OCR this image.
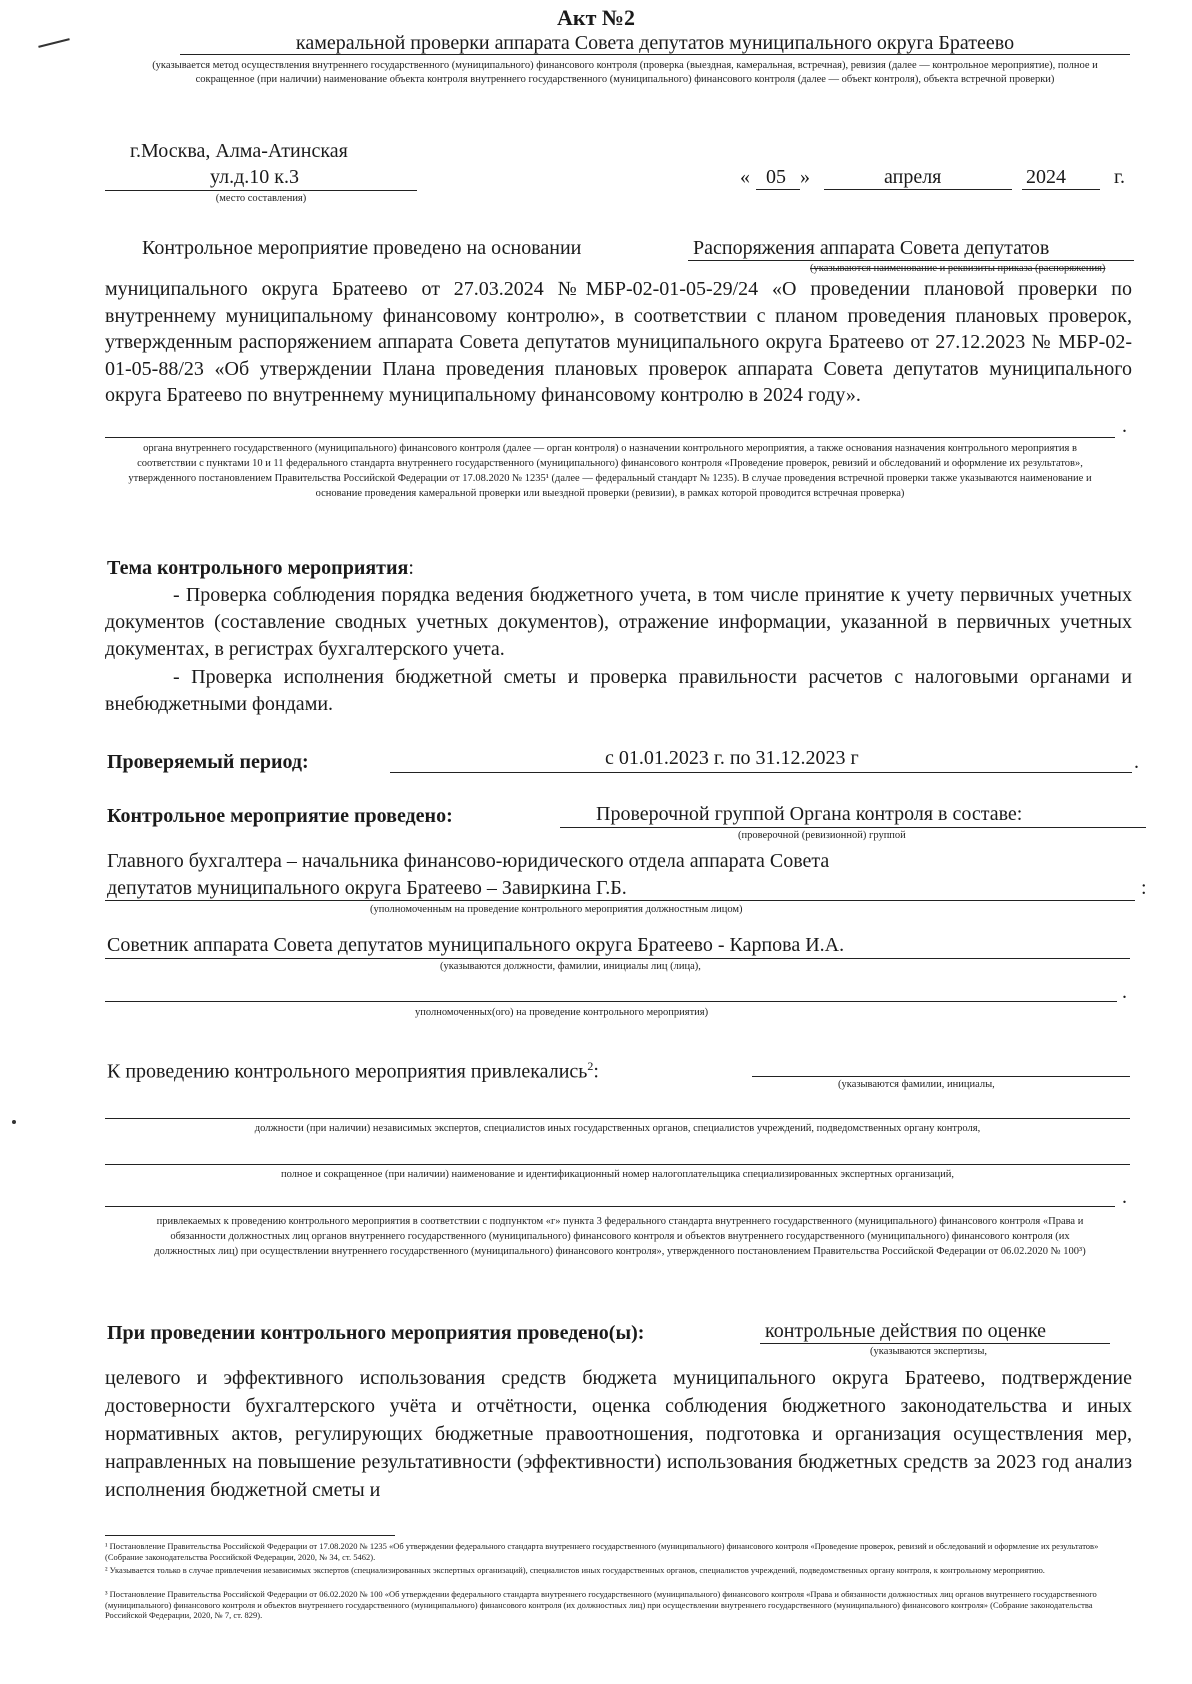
Акт №2
камеральной проверки аппарата Совета депутатов муниципального округа Братеево
(указывается метод осуществления внутреннего государственного (муниципального) финансового контроля (проверка (выездная, камеральная, встречная), ревизия (далее — контрольное мероприятие), полное и сокращенное (при наличии) наименование объекта контроля внутреннего государственного (муниципального) финансового контроля (далее — объект контроля), объекта встречной проверки)
г.Москва, Алма-Атинская
ул.д.10 к.3
(место составления)
« 05 »	апреля	2024 г.
Контрольное мероприятие проведено на основании	Распоряжения аппарата Совета депутатов
(указываются наименование и реквизиты приказа (распоряжения)
муниципального округа Братеево от 27.03.2024 №МБР-02-01-05-29/24 «О проведении плановой проверки по внутреннему муниципальному финансовому контролю», в соответствии с планом проведения плановых проверок, утвержденным распоряжением аппарата Совета депутатов муниципального округа Братеево от 27.12.2023 № МБР-02-01-05-88/23 «Об утверждении Плана проведения плановых проверок аппарата Совета депутатов муниципального округа Братеево по внутреннему муниципальному финансовому контролю в 2024 году».
.
органа внутреннего государственного (муниципального) финансового контроля (далее — орган контроля) о назначении контрольного мероприятия, а также основания назначения контрольного мероприятия в соответствии с пунктами 10 и 11 федерального стандарта внутреннего государственного (муниципального) финансового контроля «Проведение проверок, ревизий и обследований и оформление их результатов», утвержденного постановлением Правительства Российской Федерации от 17.08.2020 № 1235¹ (далее — федеральный стандарт № 1235). В случае проведения встречной проверки также указываются наименование и основание проведения камеральной проверки или выездной проверки (ревизии), в рамках которой проводится встречная проверка)
Тема контрольного мероприятия:
- Проверка соблюдения порядка ведения бюджетного учета, в том числе принятие к учету первичных учетных документов (составление сводных учетных документов), отражение информации, указанной в первичных учетных документах, в регистрах бухгалтерского учета.
- Проверка исполнения бюджетной сметы и проверка правильности расчетов с налоговыми органами и внебюджетными фондами.
Проверяемый период:	с 01.01.2023 г. по 31.12.2023 г	.
Контрольное мероприятие проведено:	Проверочной группой Органа контроля в составе:
(проверочной (ревизионной) группой
Главного бухгалтера – начальника финансово-юридического отдела аппарата Совета
депутатов муниципального округа Братеево – Завиркина Г.Б.	:
(уполномоченным на проведение контрольного мероприятия должностным лицом)
Советник аппарата Совета депутатов муниципального округа Братеево - Карпова И.А.
(указываются должности, фамилии, инициалы лиц (лица),
.
уполномоченных(ого) на проведение контрольного мероприятия)
К проведению контрольного мероприятия привлекались$^2$:
(указываются фамилии, инициалы,
должности (при наличии) независимых экспертов, специалистов иных государственных органов, специалистов учреждений, подведомственных органу контроля,
полное и сокращенное (при наличии) наименование и идентификационный номер налогоплательщика специализированных экспертных организаций,
.
привлекаемых к проведению контрольного мероприятия в соответствии с подпунктом «г» пункта 3 федерального стандарта внутреннего государственного (муниципального) финансового контроля «Права и обязанности должностных лиц органов внутреннего государственного (муниципального) финансового контроля и объектов внутреннего государственного (муниципального) финансового контроля (их должностных лиц) при осуществлении внутреннего государственного (муниципального) финансового контроля», утвержденного постановлением Правительства Российской Федерации от 06.02.2020 № 100³)
При проведении контрольного мероприятия проведено(ы):	контрольные действия по оценке
(указываются экспертизы,
целевого и эффективного использования средств бюджета муниципального округа Братеево, подтверждение достоверности бухгалтерского учёта и отчётности, оценка соблюдения бюджетного законодательства и иных нормативных актов, регулирующих бюджетные правоотношения, подготовка и организация осуществления мер, направленных на повышение результативности (эффективности) использования бюджетных средств за 2023 год анализ исполнения бюджетной сметы и
¹ Постановление Правительства Российской Федерации от 17.08.2020 № 1235 «Об утверждении федерального стандарта внутреннего государственного (муниципального) финансового контроля «Проведение проверок, ревизий и обследований и оформление их результатов» (Собрание законодательства Российской Федерации, 2020, № 34, ст. 5462).
² Указывается только в случае привлечения независимых экспертов (специализированных экспертных организаций), специалистов иных государственных органов, специалистов учреждений, подведомственных органу контроля, к контрольному мероприятию.
³ Постановление Правительства Российской Федерации от 06.02.2020 № 100 «Об утверждении федерального стандарта внутреннего государственного (муниципального) финансового контроля «Права и обязанности должностных лиц органов внутреннего государственного (муниципального) финансового контроля и объектов внутреннего государственного (муниципального) финансового контроля (их должностных лиц) при осуществлении внутреннего государственного (муниципального) финансового контроля» (Собрание законодательства Российской Федерации, 2020, № 7, ст. 829).
